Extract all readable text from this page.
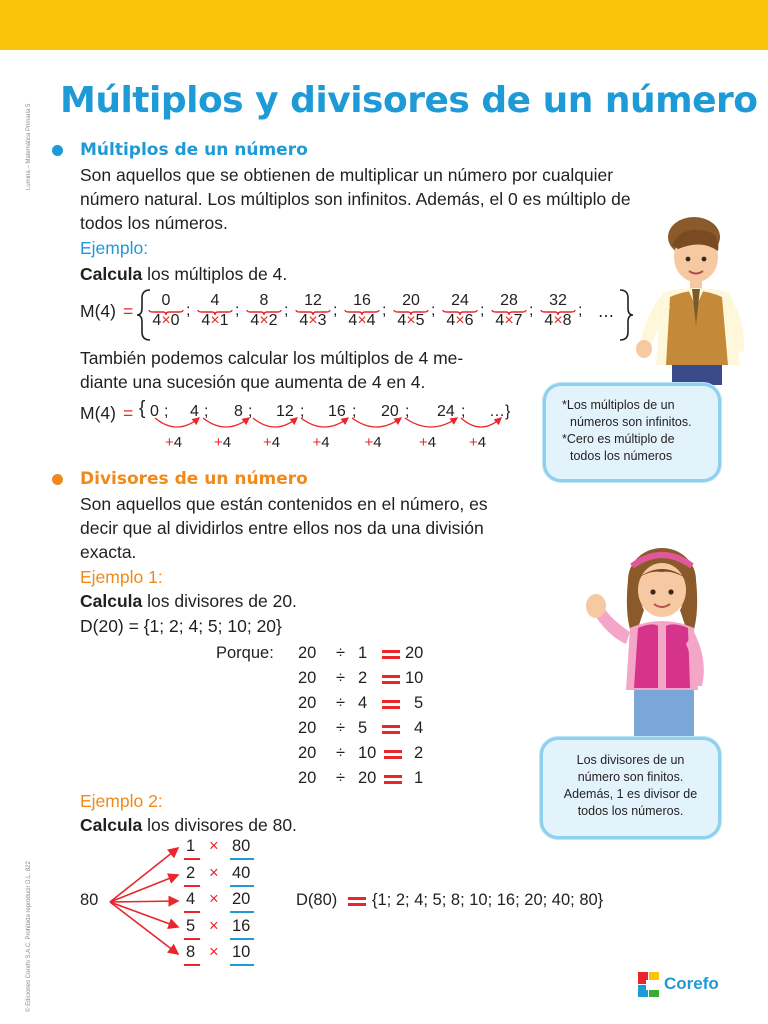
Lumina – Matemática Primaria 5
© Ediciones Corefo S.A.C. Prohibida reproducir D.L. 822
Múltiplos y divisores de un número
Múltiplos de un número
Son aquellos que se obtienen de multiplicar un número por cualquier
número natural. Los múltiplos son infinitos. Además, el 0 es múltiplo de
todos los números.
Ejemplo:
Calcula los múltiplos de 4.
M(4) =
0
4×0
;
4
4×1
;
8
4×2
;
12
4×3
;
16
4×4
;
20
4×5
;
24
4×6
;
28
4×7
;
32
4×8
; …
También podemos calcular los múltiplos de 4 me-
diante una sucesión que aumenta de 4 en 4.
M(4) = { 0 ; 4 ; 8 ; 12 ; 16 ; 20 ; 24 ; …}
+4 +4 +4 +4 +4 +4 +4
*Los múltiplos de un
números son infinitos.
*Cero es múltiplo de
todos los números
Divisores de un número
Son aquellos que están contenidos en el número, es
decir que al dividirlos entre ellos nos da una división
exacta.
Ejemplo 1:
Calcula los divisores de 20.
D(20) = {1; 2; 4; 5; 10; 20}
Porque: 20 ÷ 1 20
20 ÷ 2 10
20 ÷ 4	5
20 ÷ 5	4
20 ÷ 10 2
20 ÷ 20 1
Los divisores de un
número son finitos.
Además, 1 es divisor de
todos los números.
Ejemplo 2:
Calcula los divisores de 80.
80
1 × 80
2 × 40
4 × 20
5 × 16
8 × 10
D(80) {1; 2; 4; 5; 8; 10; 16; 20; 40; 80}
Corefo
